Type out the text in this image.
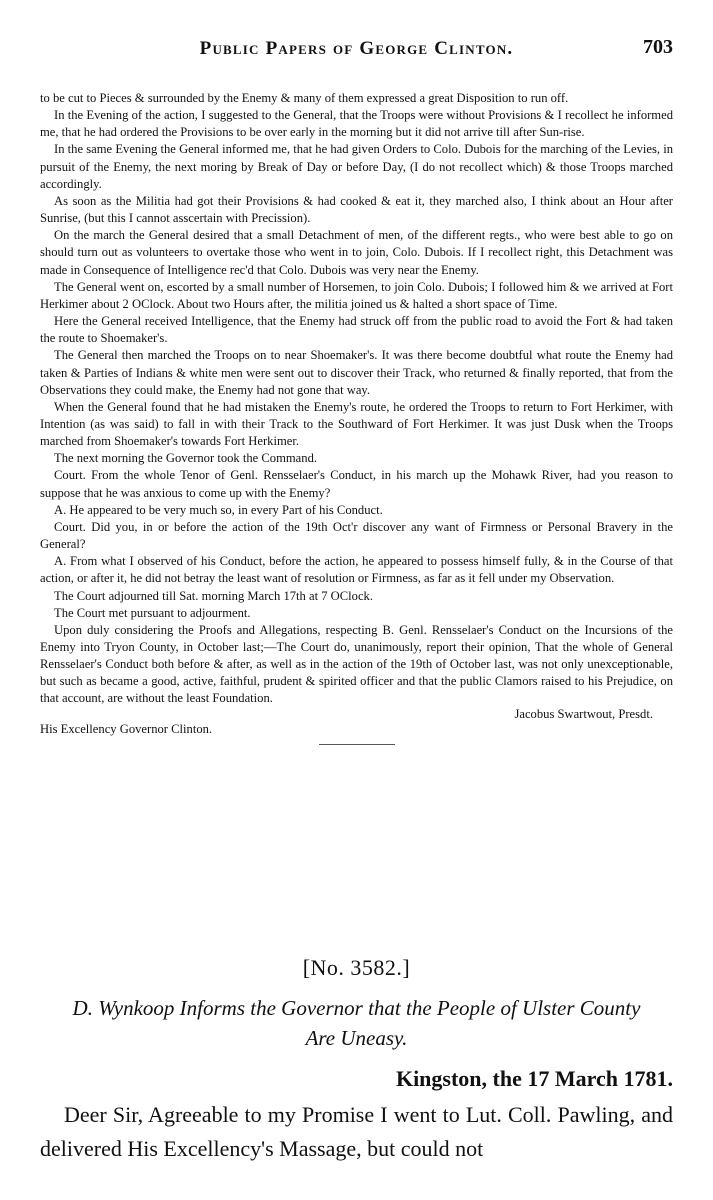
Public Papers of George Clinton.	703

to be cut to Pieces & surrounded by the Enemy & many of them expressed a great Disposition to run off.

In the Evening of the action, I suggested to the General, that the Troops were without Provisions & I recollect he informed me, that he had ordered the Provisions to be over early in the morning but it did not arrive till after Sun-rise.

In the same Evening the General informed me, that he had given Orders to Colo. Dubois for the marching of the Levies, in pursuit of the Enemy, the next moring by Break of Day or before Day, (I do not recollect which) & those Troops marched accordingly.

As soon as the Militia had got their Provisions & had cooked & eat it, they marched also, I think about an Hour after Sunrise, (but this I cannot asscertain with Precission).

On the march the General desired that a small Detachment of men, of the different regts., who were best able to go on should turn out as volunteers to overtake those who went in to join, Colo. Dubois. If I recollect right, this Detachment was made in Consequence of Intelligence rec'd that Colo. Dubois was very near the Enemy.

The General went on, escorted by a small number of Horsemen, to join Colo. Dubois; I followed him & we arrived at Fort Herkimer about 2 OClock. About two Hours after, the militia joined us & halted a short space of Time.

Here the General received Intelligence, that the Enemy had struck off from the public road to avoid the Fort & had taken the route to Shoemaker's.

The General then marched the Troops on to near Shoemaker's. It was there become doubtful what route the Enemy had taken & Parties of Indians & white men were sent out to discover their Track, who returned & finally reported, that from the Observations they could make, the Enemy had not gone that way.

When the General found that he had mistaken the Enemy's route, he ordered the Troops to return to Fort Herkimer, with Intention (as was said) to fall in with their Track to the Southward of Fort Herkimer. It was just Dusk when the Troops marched from Shoemaker's towards Fort Herkimer.

The next morning the Governor took the Command.

Court. From the whole Tenor of Genl. Rensselaer's Conduct, in his march up the Mohawk River, had you reason to suppose that he was anxious to come up with the Enemy?

A. He appeared to be very much so, in every Part of his Conduct.

Court. Did you, in or before the action of the 19th Oct'r discover any want of Firmness or Personal Bravery in the General?

A. From what I observed of his Conduct, before the action, he appeared to possess himself fully, & in the Course of that action, or after it, he did not betray the least want of resolution or Firmness, as far as it fell under my Observation.

The Court adjourned till Sat. morning March 17th at 7 OClock.

The Court met pursuant to adjourment.

Upon duly considering the Proofs and Allegations, respecting B. Genl. Rensselaer's Conduct on the Incursions of the Enemy into Tryon County, in October last;—The Court do, unanimously, report their opinion, That the whole of General Rensselaer's Conduct both before & after, as well as in the action of the 19th of October last, was not only unexceptionable, but such as became a good, active, faithful, prudent & spirited officer and that the public Clamors raised to his Prejudice, on that account, are without the least Foundation.

Jacobus Swartwout, Presdt.
His Excellency Governor Clinton.
[No. 3582.]
D. Wynkoop Informs the Governor that the People of Ulster County
Are Uneasy.
Kingston, the 17 March 1781.

Deer Sir, Agreeable to my Promise I went to Lut. Coll. Pawling, and delivered His Excellency's Massage, but could not
